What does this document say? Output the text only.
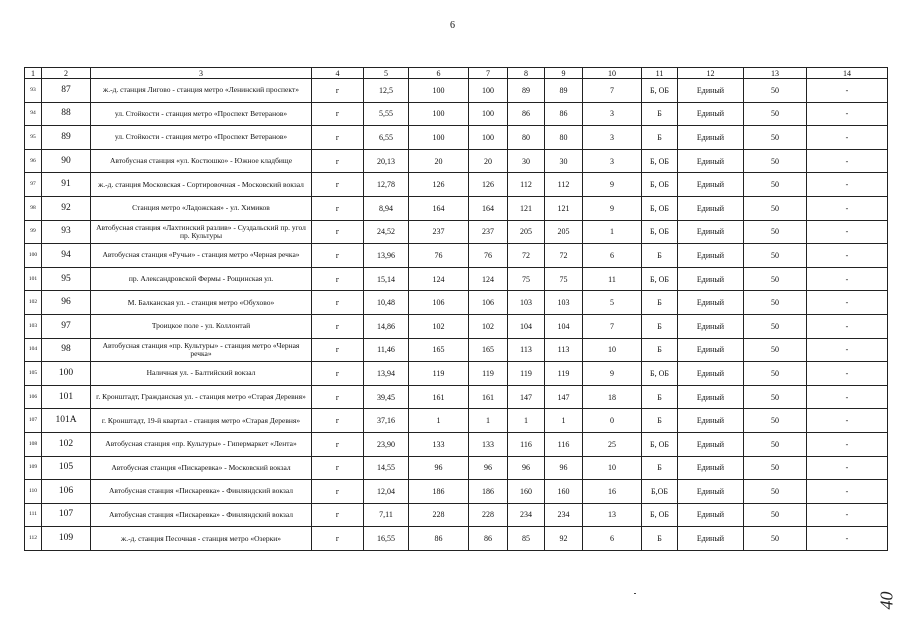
6
1	2	3	4	5	6	7	8	9	10	11	12	13	14
93	87	ж.-д. станция Лигово - станция метро «Ленинский проспект»	г	12,5	100	100	89	89	7	Б, ОБ	Единый	50	-
94	88	ул. Стойкости - станция метро «Проспект Ветеранов»	г	5,55	100	100	86	86	3	Б	Единый	50	-
95	89	ул. Стойкости - станция метро «Проспект Ветеранов»	г	6,55	100	100	80	80	3	Б	Единый	50	-
96	90	Автобусная станция «ул. Костюшко» - Южное кладбище	г	20,13	20	20	30	30	3	Б, ОБ	Единый	50	-
97	91	ж.-д. станция Московская - Сортировочная - Московский вокзал	г	12,78	126	126	112	112	9	Б, ОБ	Единый	50	-
98	92	Станция метро «Ладожская» - ул. Химиков	г	8,94	164	164	121	121	9	Б, ОБ	Единый	50	-
99	93	Автобусная станция «Лахтинский разлив» - Суздальский пр. угол пр. Культуры	г	24,52	237	237	205	205	1	Б, ОБ	Единый	50	-
100	94	Автобусная станция «Ручьи» - станция метро «Черная речка»	г	13,96	76	76	72	72	6	Б	Единый	50	-
101	95	пр. Александровской Фермы - Рощинская ул.	г	15,14	124	124	75	75	11	Б, ОБ	Единый	50	-
102	96	М. Балканская ул. - станция метро «Обухово»	г	10,48	106	106	103	103	5	Б	Единый	50	-
103	97	Троицкое поле - ул. Коллонтай	г	14,86	102	102	104	104	7	Б	Единый	50	-
104	98	Автобусная станция «пр. Культуры» - станция метро «Черная речка»	г	11,46	165	165	113	113	10	Б	Единый	50	-
105	100	Наличная ул. - Балтийский вокзал	г	13,94	119	119	119	119	9	Б, ОБ	Единый	50	-
106	101	г. Кронштадт, Гражданская ул. - станция метро «Старая Деревня»	г	39,45	161	161	147	147	18	Б	Единый	50	-
107	101А	г. Кронштадт, 19-й квартал - станция метро «Старая Деревня»	г	37,16	1	1	1	1	0	Б	Единый	50	-
108	102	Автобусная станция «пр. Культуры» - Гипермаркет «Лента»	г	23,90	133	133	116	116	25	Б, ОБ	Единый	50	-
109	105	Автобусная станция «Пискаревка» - Московский вокзал	г	14,55	96	96	96	96	10	Б	Единый	50	-
110	106	Автобусная станция «Пискаревка» - Финляндский вокзал	г	12,04	186	186	160	160	16	Б,ОБ	Единый	50	-
111	107	Автобусная станция «Пискаревка» - Финляндский вокзал	г	7,11	228	228	234	234	13	Б, ОБ	Единый	50	-
112	109	ж.-д. станция Песочная - станция метро «Озерки»	г	16,55	86	86	85	92	6	Б	Единый	50	-
40
